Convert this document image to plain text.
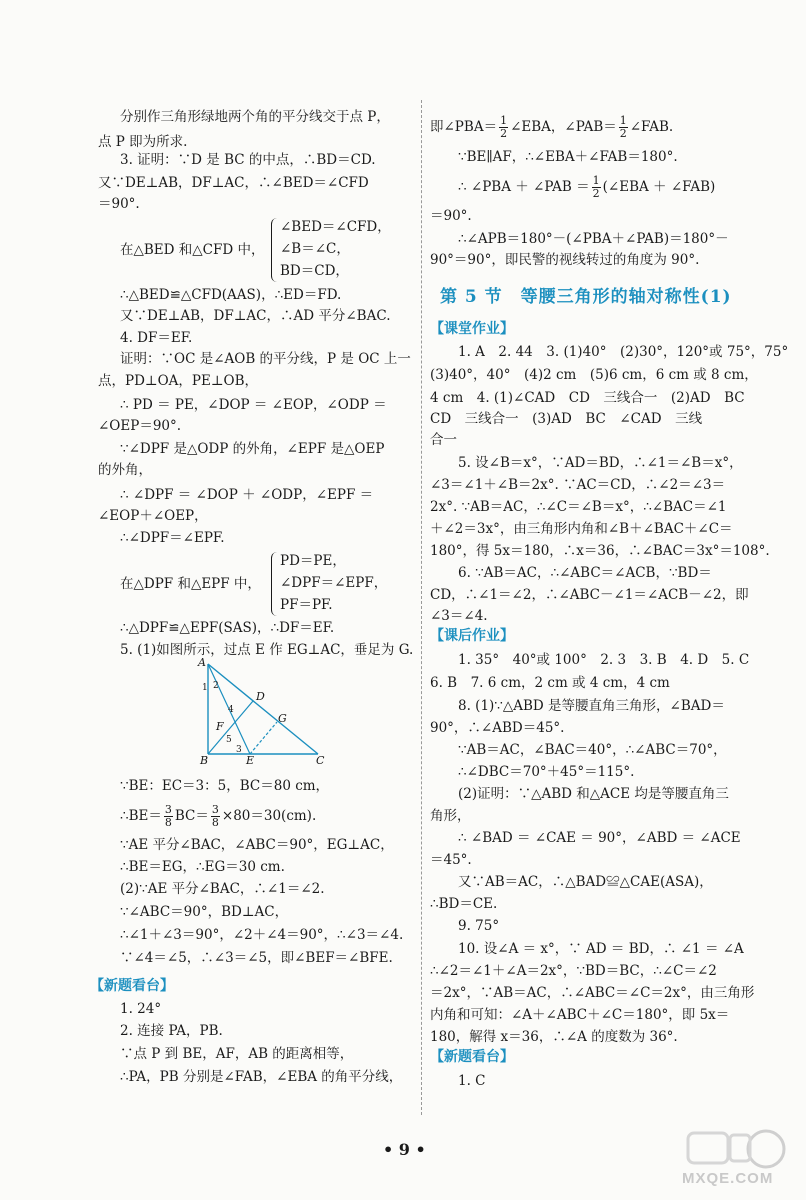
分别作三角形绿地两个角的平分线交于点 P，
点 P 即为所求.
3. 证明：∵D 是 BC 的中点，∴BD＝CD.
又∵DE⊥AB，DF⊥AC，∴∠BED＝∠CFD
＝90°.
在△BED 和△CFD 中，
∠BED＝∠CFD，
∠B＝∠C，
BD＝CD，
∴△BED≌△CFD(AAS)，∴ED＝FD.
又∵DE⊥AB，DF⊥AC，∴AD 平分∠BAC.
4. DF＝EF.
证明：∵OC 是∠AOB 的平分线，P 是 OC 上一
点，PD⊥OA，PE⊥OB，
∴ PD ＝ PE，∠DOP ＝ ∠EOP，∠ODP ＝
∠OEP＝90°.
∵∠DPF 是△ODP 的外角，∠EPF 是△OEP
的外角，
∴ ∠DPF ＝ ∠DOP ＋ ∠ODP，∠EPF ＝
∠EOP＋∠OEP，
∴∠DPF＝∠EPF.
在△DPF 和△EPF 中，
PD＝PE，
∠DPF＝∠EPF，
PF＝PF.
∴△DPF≌△EPF(SAS)，∴DF＝EF.
5. (1)如图所示，过点 E 作 EG⊥AC，垂足为 G.
A
D
G
F
B	E	C
1 2
4
5
3
∵BE：EC＝3：5，BC＝80 cm，
∴BE＝ $\frac{3}{8} BC= \frac{3}{8} \times 80=30(cm)$.
∵AE 平分∠BAC，∠ABC＝90°，EG⊥AC，
∴BE＝EG，∴EG＝30 cm.
(2)∵AE 平分∠BAC，∴∠1＝∠2.
∵∠ABC＝90°，BD⊥AC，
∴∠1＋∠3＝90°，∠2＋∠4＝90°，∴∠3＝∠4.
∵∠4＝∠5，∴∠3＝∠5，即∠BEF＝∠BFE.
【新题看台】
1. 24°
2. 连接 PA，PB.
∵点 P 到 BE，AF，AB 的距离相等，
∴PA，PB 分别是∠FAB，∠EBA 的角平分线，
即∠PBA＝ $\frac{1}{2}$ ∠EBA，∠PAB＝ $\frac{1}{2}$ ∠FAB.
∵BE∥AF，∴∠EBA＋∠FAB＝180°.
∴ ∠PBA ＋ ∠PAB ＝ $\frac{1}{2}$ (∠EBA ＋ ∠FAB)
＝90°.
∴∠APB＝180°－(∠PBA＋∠PAB)＝180°－
90°＝90°，即民警的视线转过的角度为 90°.
第 5 节　等腰三角形的轴对称性(1)
【课堂作业】
1. A　2. 44　3. (1)40°　(2)30°，120°或 75°，75°
(3)40°，40°　(4)2 cm　(5)6 cm，6 cm 或 8 cm，
4 cm　4. (1)∠CAD　CD　三线合一　(2)AD　BC
CD　三线合一　(3)AD　BC　∠CAD　三线
合一
5. 设∠B＝x°，∵AD＝BD，∴∠1＝∠B＝x°，
∠3＝∠1＋∠B＝2x°. ∵AC＝CD，∴∠2＝∠3＝
2x°. ∵AB＝AC，∴∠C＝∠B＝x°，∴∠BAC＝∠1
＋∠2＝3x°，由三角形内角和∠B＋∠BAC＋∠C＝
180°，得 5x＝180，∴x＝36，∴∠BAC＝3x°＝108°.
6. ∵AB＝AC，∴∠ABC＝∠ACB，∵BD＝
CD，∴∠1＝∠2，∴∠ABC－∠1＝∠ACB－∠2，即
∠3＝∠4.
【课后作业】
1. 35°　40°或 100°　2. 3　3. B　4. D　5. C
6. B　7. 6 cm，2 cm 或 4 cm，4 cm
8. (1)∵△ABD 是等腰直角三角形，∠BAD＝
90°，∴∠ABD＝45°.
∵AB＝AC，∠BAC＝40°，∴∠ABC＝70°，
∴∠DBC＝70°＋45°＝115°.
(2)证明：∵△ABD 和△ACE 均是等腰直角三
角形，
∴ ∠BAD ＝ ∠CAE ＝ 90°，∠ABD ＝ ∠ACE
＝45°.
又∵AB＝AC，∴△BAD≌△CAE(ASA)，
∴BD＝CE.
9. 75°
10. 设∠A ＝ x°，∵ AD ＝ BD，∴ ∠1 ＝ ∠A
∴∠2＝∠1＋∠A＝2x°，∵BD＝BC，∴∠C＝∠2
＝2x°，∵AB＝AC，∴∠ABC＝∠C＝2x°，由三角形
内角和可知：∠A＋∠ABC＋∠C＝180°，即 5x＝
180，解得 x＝36，∴∠A 的度数为 36°.
【新题看台】
1. C
• 9 •
MXQE.COM
